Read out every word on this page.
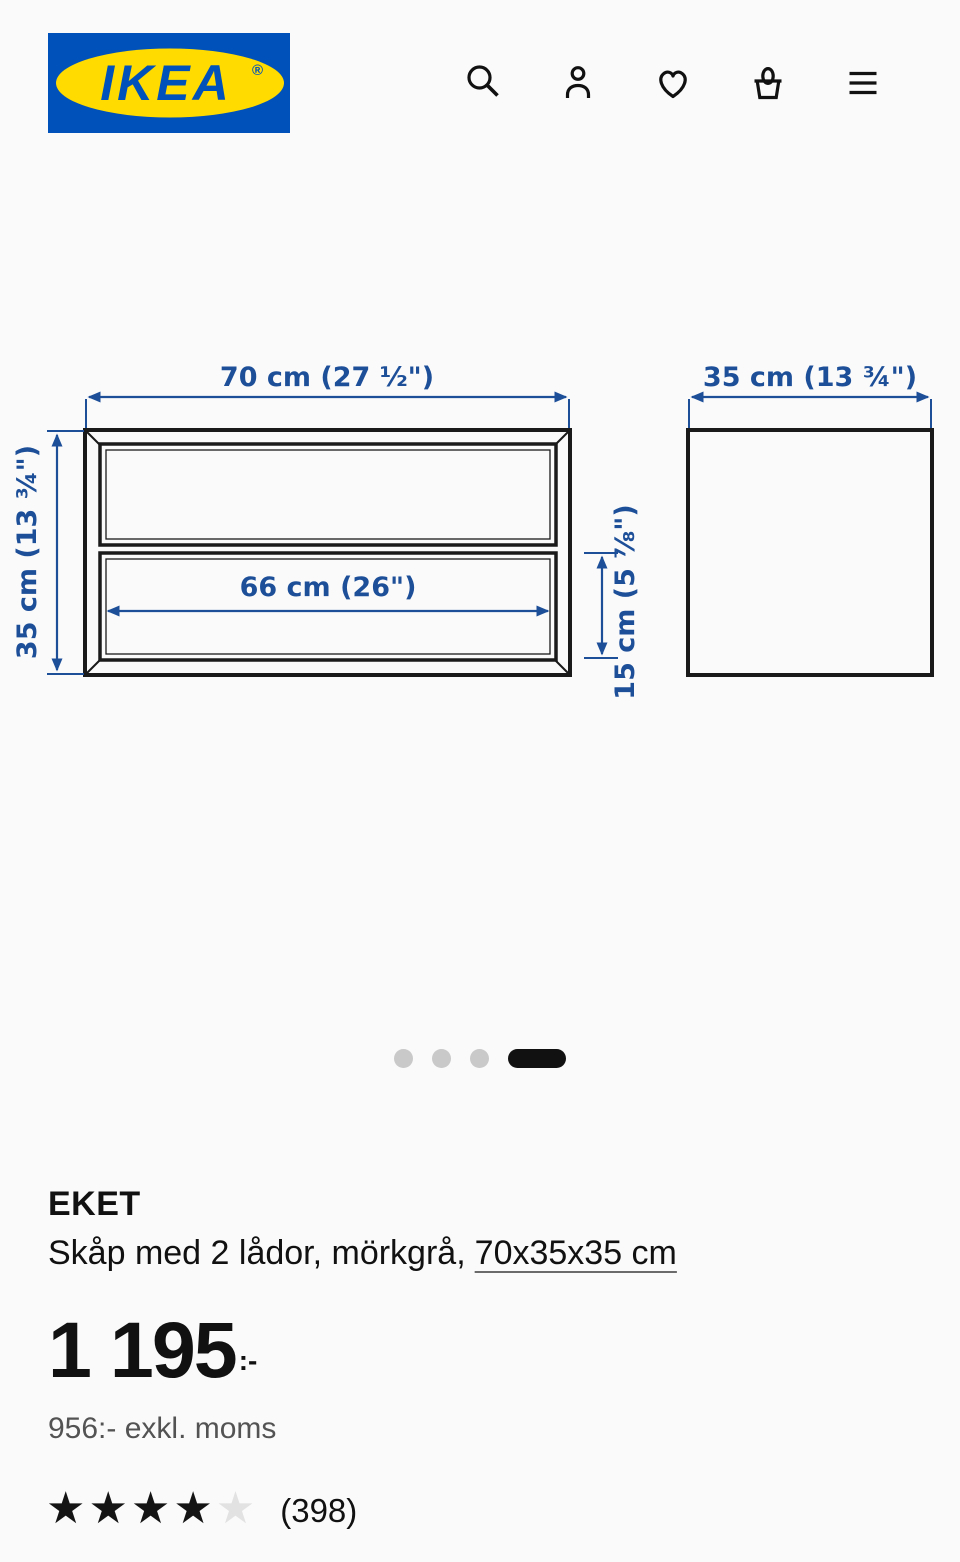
IKEA ®
70 cm (27 ½")
35 cm (13 ¾")	66 cm (26")	15 cm (5 ⅞")
35 cm (13 ¾")
EKET
Skåp med 2 lådor, mörkgrå, 70x35x35 cm
1 195 :-
956:- exkl. moms
★★★★ ★ (398)
